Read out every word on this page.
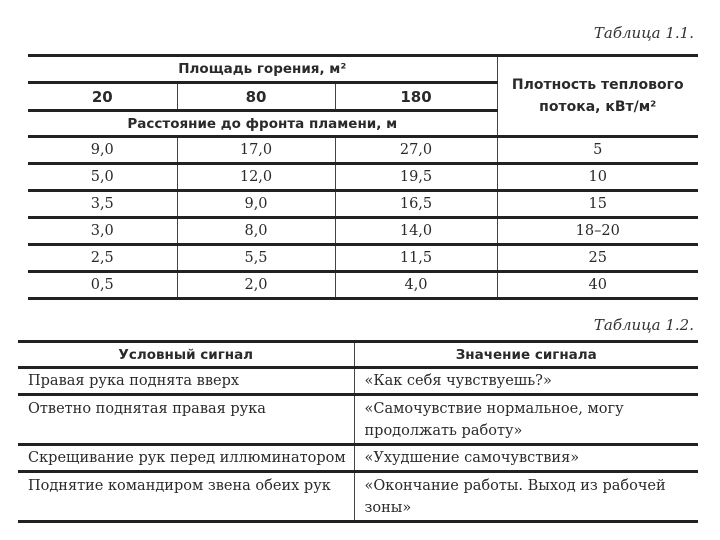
Таблица 1.1.
Площадь горения, м²			Плотность теплового потока, кВт/м²
20	80	180	
Расстояние до фронта пламени, м			
9,0	17,0	27,0	5
5,0	12,0	19,5	10
3,5	9,0	16,5	15
3,0	8,0	14,0	18–20
2,5	5,5	11,5	25
0,5	2,0	4,0	40
Таблица 1.2.
Условный сигнал	Значение сигнала
Правая рука поднята вверх	«Как себя чувствуешь?»
Ответно поднятая правая рука	«Самочувствие нормальное, могу продолжать работу»
Скрещивание рук перед иллюминатором	«Ухудшение самочувствия»
Поднятие командиром звена обеих рук	«Окончание работы. Выход из рабочей зоны»
